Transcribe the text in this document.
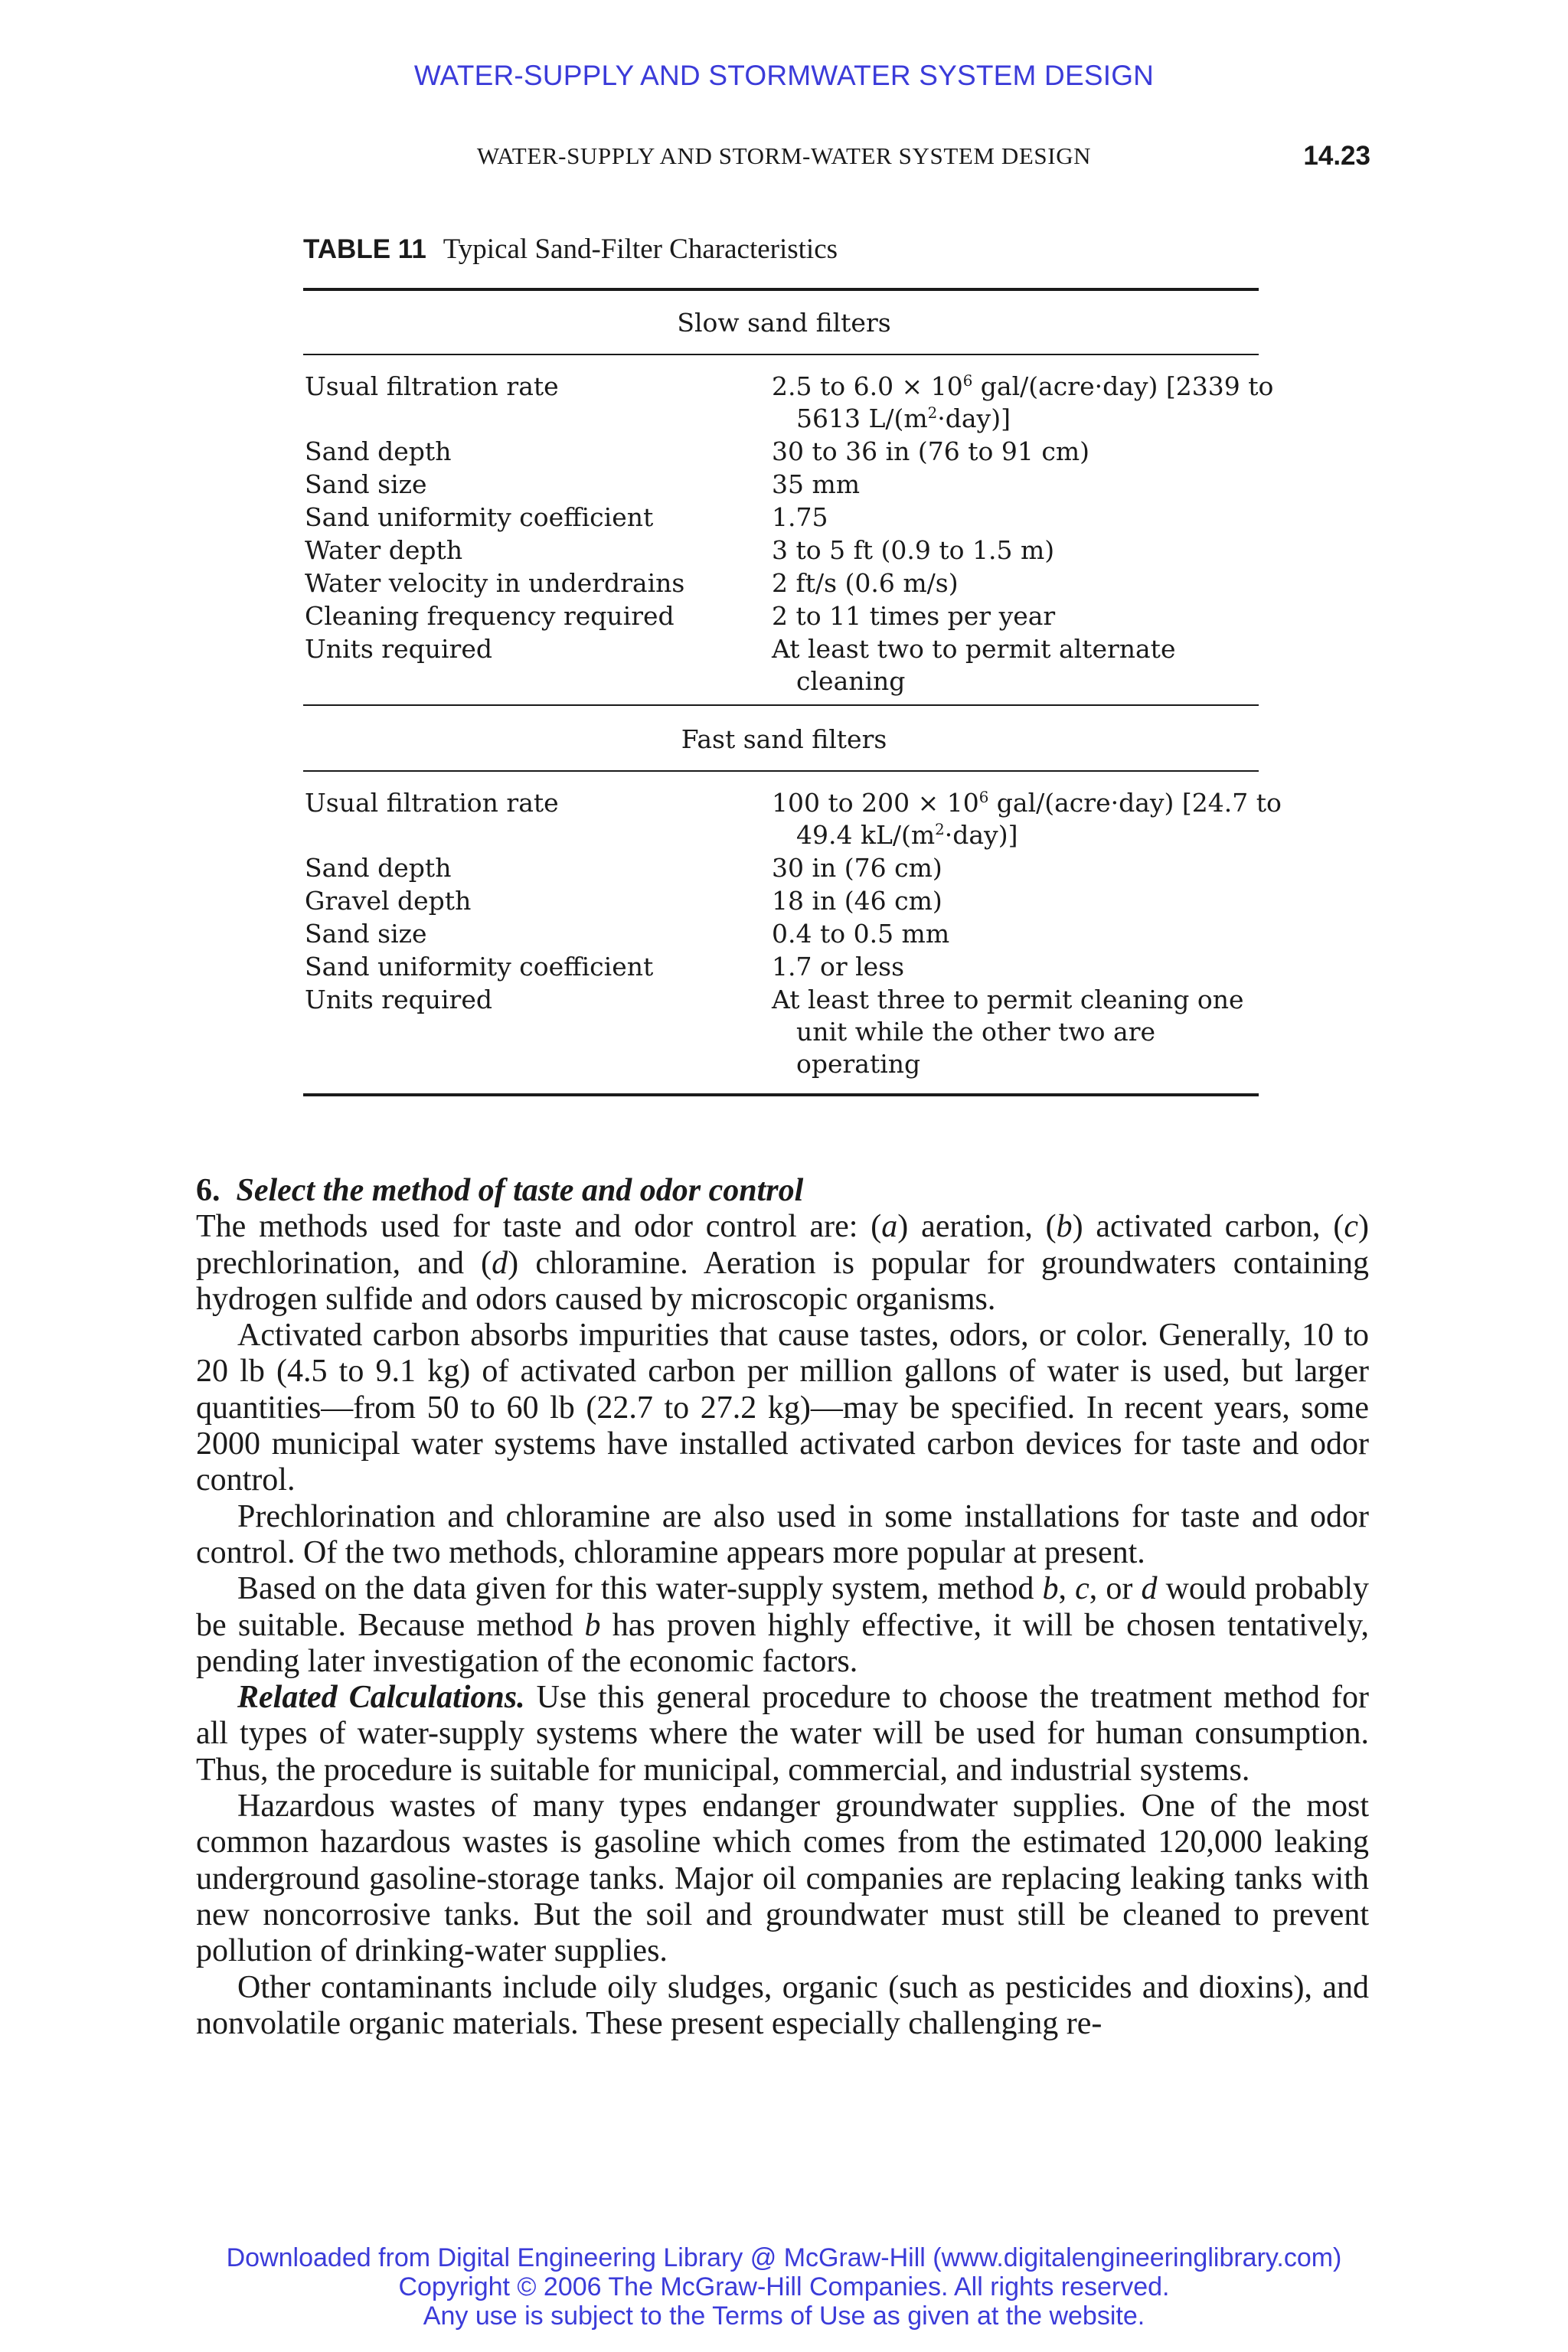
WATER-SUPPLY AND STORMWATER SYSTEM DESIGN
WATER-SUPPLY AND STORM-WATER SYSTEM DESIGN	14.23
TABLE 11 Typical Sand-Filter Characteristics
Slow sand filters
Usual filtration rate	2.5 to $6.0 \times 10^6$ gal/(acre·day) [2339 to 5613 $L/(m^2\cdot day)$]
Sand depth	30 to 36 in (76 to 91 cm)
Sand size	35 mm
Sand uniformity coefficient	1.75
Water depth	3 to 5 ft (0.9 to 1.5 m)
Water velocity in underdrains	2 ft/s (0.6 m/s)
Cleaning frequency required	2 to 11 times per year
Units required	At least two to permit alternate cleaning
Fast sand filters
Usual filtration rate	100 to $200 \times 10^6$ gal/(acre·day) [24.7 to 49.4 $kL/(m^2\cdot day)$]
Sand depth	30 in (76 cm)
Gravel depth	18 in (46 cm)
Sand size	0.4 to 0.5 mm
Sand uniformity coefficient	1.7 or less
Units required	At least three to permit cleaning one unit while the other two are operating
6. Select the method of taste and odor control

The methods used for taste and odor control are: (a) aeration, (b) activated carbon, (c) prechlorination, and (d) chloramine. Aeration is popular for groundwaters containing hydrogen sulfide and odors caused by microscopic organisms.

Activated carbon absorbs impurities that cause tastes, odors, or color. Generally, 10 to 20 lb (4.5 to 9.1 kg) of activated carbon per million gallons of water is used, but larger quantities—from 50 to 60 lb (22.7 to 27.2 kg)—may be specified. In recent years, some 2000 municipal water systems have installed activated carbon devices for taste and odor control.

Prechlorination and chloramine are also used in some installations for taste and odor control. Of the two methods, chloramine appears more popular at present.

Based on the data given for this water-supply system, method b, c, or d would probably be suitable. Because method b has proven highly effective, it will be chosen tentatively, pending later investigation of the economic factors.

Related Calculations. Use this general procedure to choose the treatment method for all types of water-supply systems where the water will be used for human consumption. Thus, the procedure is suitable for municipal, commercial, and industrial systems.

Hazardous wastes of many types endanger groundwater supplies. One of the most common hazardous wastes is gasoline which comes from the estimated 120,000 leaking underground gasoline-storage tanks. Major oil companies are replacing leaking tanks with new noncorrosive tanks. But the soil and groundwater must still be cleaned to prevent pollution of drinking-water supplies.

Other contaminants include oily sludges, organic (such as pesticides and dioxins), and nonvolatile organic materials. These present especially challenging re-

Downloaded from Digital Engineering Library @ McGraw-Hill (www.digitalengineeringlibrary.com)
Copyright © 2006 The McGraw-Hill Companies. All rights reserved.
Any use is subject to the Terms of Use as given at the website.
